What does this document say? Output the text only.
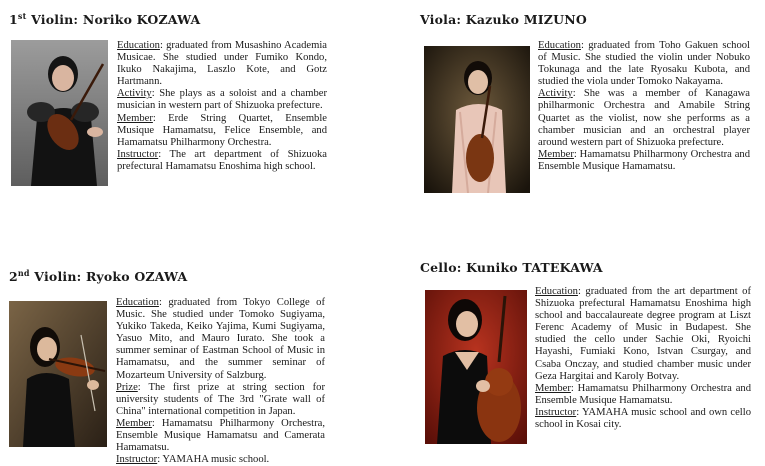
1st Violin: Noriko KOZAWA
Education: graduated from Musashino Academia Musicae. She studied under Fumiko Kondo, Ikuko Nakajima, Laszlo Kote, and Gotz Hartmann.
Activity: She plays as a soloist and a chamber musician in western part of Shizuoka prefecture.
Member: Erde String Quartet, Ensemble Musique Hamamatsu, Felice Ensemble, and Hamamatsu Philharmony Orchestra.
Instructor: The art department of Shizuoka prefectural Hamamatsu Enoshima high school.
Viola: Kazuko MIZUNO
Education: graduated from Toho Gakuen school of Music. She studied the violin under Nobuko Tokunaga and the late Ryosaku Kubota, and studied the viola under Tomoko Nakayama.
Activity: She was a member of Kanagawa philharmonic Orchestra and Amabile String Quartet as the violist, now she performs as a chamber musician and an orchestral player around western part of Shizuoka prefecture.
Member: Hamamatsu Philharmony Orchestra and Ensemble Musique Hamamatsu.
2nd Violin: Ryoko OZAWA
Education: graduated from Tokyo College of Music. She studied under Tomoko Sugiyama, Yukiko Takeda, Keiko Yajima, Kumi Sugiyama, Yasuo Mito, and Mauro Iurato. She took a summer seminar of Eastman School of Music in Hamamatsu, and the summer seminar of Mozarteum University of Salzburg.
Prize: The first prize at string section for university students of The 3rd "Grate wall of China" international competition in Japan.
Member: Hamamatsu Philharmony Orchestra, Ensemble Musique Hamamatsu and Camerata Hamamatsu.
Instructor: YAMAHA music school.
Cello: Kuniko TATEKAWA
Education: graduated from the art department of Shizuoka prefectural Hamamatsu Enoshima high school and baccalaureate degree program at Liszt Ferenc Academy of Music in Budapest. She studied the cello under Sachie Oki, Ryoichi Hayashi, Fumiaki Kono, Istvan Csurgay, and Csaba Onczay, and studied chamber music under Geza Hargitai and Karoly Botvay.
Member: Hamamatsu Philharmony Orchestra and Ensemble Musique Hamamatsu.
Instructor: YAMAHA music school and own cello school in Kosai city.
